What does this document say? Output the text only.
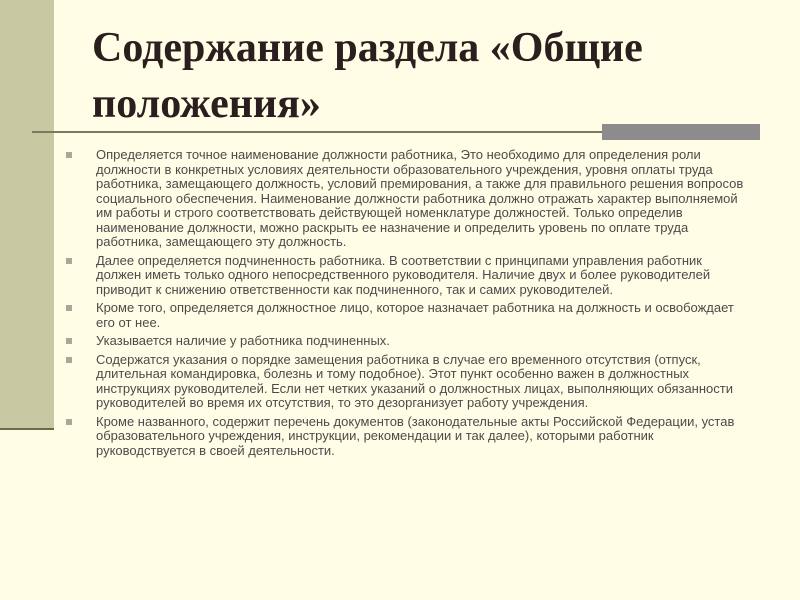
Содержание раздела «Общие положения»
Определяется точное наименование должности работника, Это необходимо для определения роли должности в конкретных условиях деятельности образовательного учреждения, уровня оплаты труда работника, замещающего должность, условий премирования, а также для правильного решения вопросов социального обеспечения. Наименование должности работника должно отражать характер выполняемой им работы и строго соответствовать действующей номенклатуре должностей. Только определив наименование должности, можно раскрыть ее назначение и определить уровень по оплате труда работника, замещающего эту должность.
Далее определяется подчиненность работника. В соответствии с принципами управления работник должен иметь только одного непосредственного руководителя. Наличие двух и более руководителей приводит к снижению ответственности как подчиненного, так и самих руководителей.
Кроме того, определяется должностное лицо, которое назначает работника на должность и освобождает его от нее.
Указывается наличие у работника подчиненных.
Содержатся указания о порядке замещения работника в случае его временного отсутствия (отпуск, длительная командировка, болезнь и тому подобное). Этот пункт особенно важен в должностных инструкциях руководителей. Если нет четких указаний о должностных лицах, выполняющих обязанности руководителей во время их отсутствия, то это дезорганизует работу учреждения.
Кроме названного, содержит перечень документов (законодательные акты Российской Федерации, устав образовательного учреждения, инструкции, рекомендации и так далее), которыми работник руководствуется в своей деятельности.
